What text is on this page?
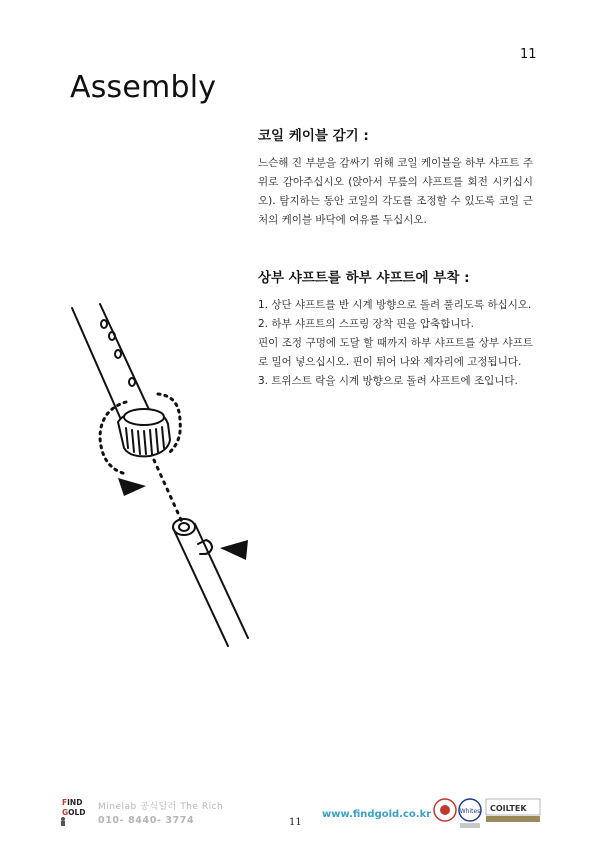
11
Assembly
코일 케이블 감기 :

느슨해 진 부분을 감싸기 위해 코일 케이블을 하부 샤프트 주위로 감아주십시오 (앉아서 무릎의 샤프트를 회전 시키십시오). 탐지하는 동안 코일의 각도를 조정할 수 있도록 코일 근처의 케이블 바닥에 여유를 두십시오.

상부 샤프트를 하부 샤프트에 부착 :

1. 상단 샤프트를 반 시계 방향으로 돌려 풀리도록 하십시오.

2. 하부 샤프트의 스프링 장착 핀을 압축합니다.

핀이 조정 구멍에 도달 할 때까지 하부 샤프트를 상부 샤프트로 밀어 넣으십시오. 핀이 튀어 나와 제자리에 고정됩니다.

3. 트위스트 락을 시계 방향으로 돌려 샤프트에 조입니다.

FIND
GOLD
Minelab 공식딜러 The Rich
010- 8440- 3774	11
www.findgold.co.kr	Whites COILTEK
